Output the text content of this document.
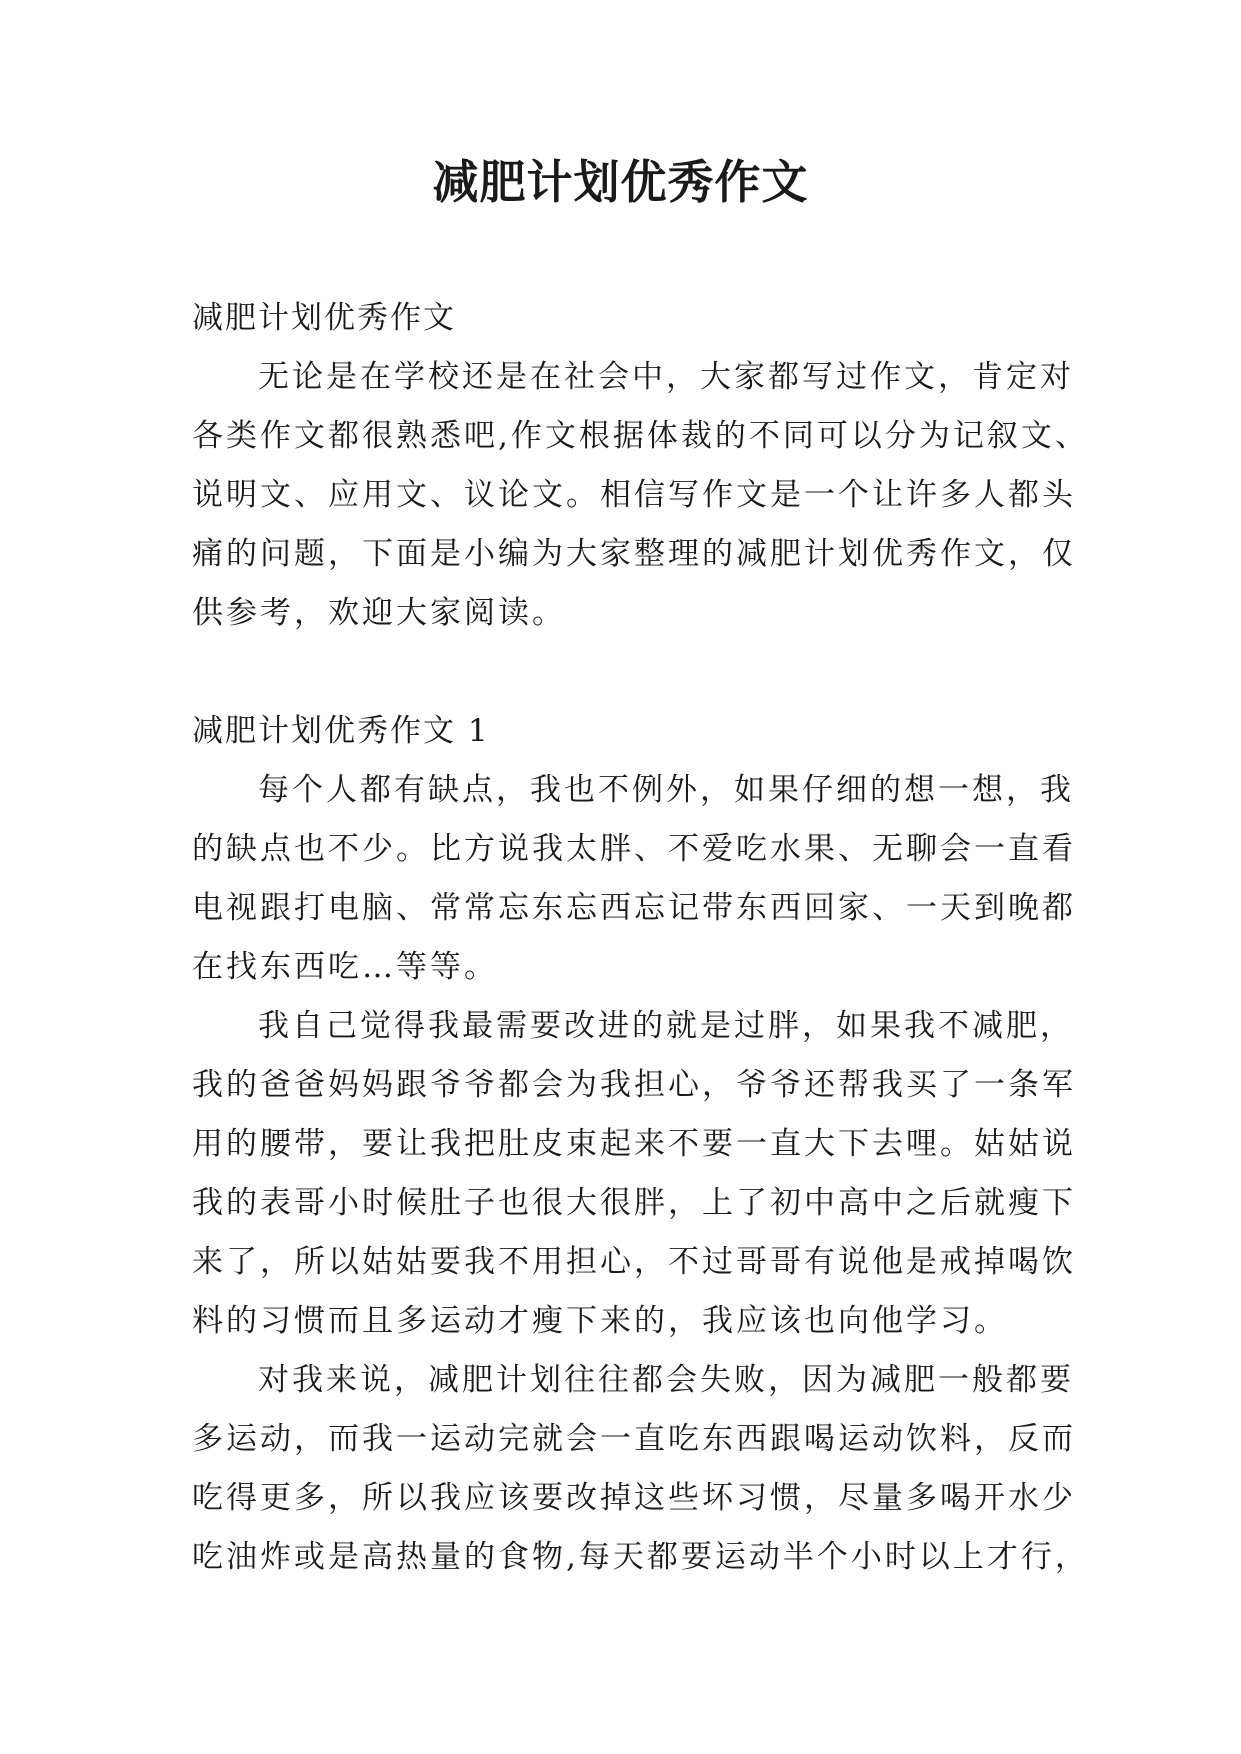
减肥计划优秀作文
减肥计划优秀作文
无论是在学校还是在社会中，大家都写过作文，肯定对
各类作文都很熟悉吧,作文根据体裁的不同可以分为记叙文、
说明文、应用文、议论文。相信写作文是一个让许多人都头
痛的问题，下面是小编为大家整理的减肥计划优秀作文，仅
供参考，欢迎大家阅读。
减肥计划优秀作文 1
每个人都有缺点，我也不例外，如果仔细的想一想，我
的缺点也不少。比方说我太胖、不爱吃水果、无聊会一直看
电视跟打电脑、常常忘东忘西忘记带东西回家、一天到晚都
在找东西吃…等等。
我自己觉得我最需要改进的就是过胖，如果我不减肥，
我的爸爸妈妈跟爷爷都会为我担心，爷爷还帮我买了一条军
用的腰带，要让我把肚皮束起来不要一直大下去哩。姑姑说
我的表哥小时候肚子也很大很胖，上了初中高中之后就瘦下
来了，所以姑姑要我不用担心，不过哥哥有说他是戒掉喝饮
料的习惯而且多运动才瘦下来的，我应该也向他学习。
对我来说，减肥计划往往都会失败，因为减肥一般都要
多运动，而我一运动完就会一直吃东西跟喝运动饮料，反而
吃得更多，所以我应该要改掉这些坏习惯，尽量多喝开水少
吃油炸或是高热量的食物,每天都要运动半个小时以上才行，
